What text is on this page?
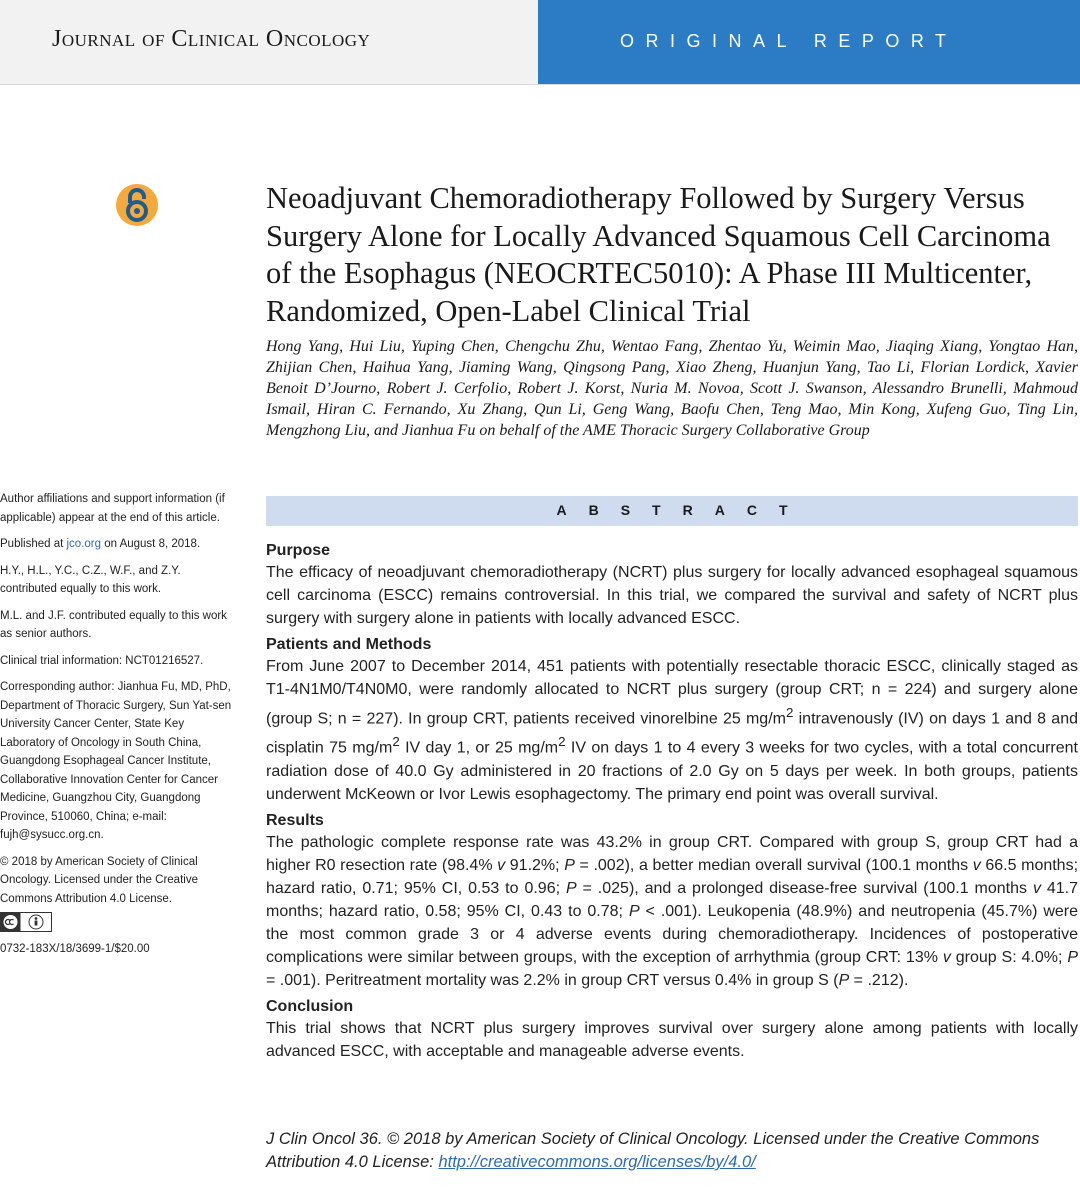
Journal of Clinical Oncology	ORIGINAL REPORT
Neoadjuvant Chemoradiotherapy Followed by Surgery Versus Surgery Alone for Locally Advanced Squamous Cell Carcinoma of the Esophagus (NEOCRTEC5010): A Phase III Multicenter, Randomized, Open-Label Clinical Trial
Hong Yang, Hui Liu, Yuping Chen, Chengchu Zhu, Wentao Fang, Zhentao Yu, Weimin Mao, Jiaqing Xiang, Yongtao Han, Zhijian Chen, Haihua Yang, Jiaming Wang, Qingsong Pang, Xiao Zheng, Huanjun Yang, Tao Li, Florian Lordick, Xavier Benoit D’Journo, Robert J. Cerfolio, Robert J. Korst, Nuria M. Novoa, Scott J. Swanson, Alessandro Brunelli, Mahmoud Ismail, Hiran C. Fernando, Xu Zhang, Qun Li, Geng Wang, Baofu Chen, Teng Mao, Min Kong, Xufeng Guo, Ting Lin, Mengzhong Liu, and Jianhua Fu on behalf of the AME Thoracic Surgery Collaborative Group

Author affiliations and support information (if applicable) appear at the end of this article.

Published at jco.org on August 8, 2018.

H.Y., H.L., Y.C., C.Z., W.F., and Z.Y. contributed equally to this work.

M.L. and J.F. contributed equally to this work as senior authors.

Clinical trial information: NCT01216527.

Corresponding author: Jianhua Fu, MD, PhD, Department of Thoracic Surgery, Sun Yat-sen University Cancer Center, State Key Laboratory of Oncology in South China, Guangdong Esophageal Cancer Institute, Collaborative Innovation Center for Cancer Medicine, Guangzhou City, Guangdong Province, 510060, China; e-mail: fujh@sysucc.org.cn.

© 2018 by American Society of Clinical Oncology. Licensed under the Creative Commons Attribution 4.0 License.

0732-183X/18/3699-1/$20.00

ABSTRACT
Purpose

The efficacy of neoadjuvant chemoradiotherapy (NCRT) plus surgery for locally advanced esophageal squamous cell carcinoma (ESCC) remains controversial. In this trial, we compared the survival and safety of NCRT plus surgery with surgery alone in patients with locally advanced ESCC.

Patients and Methods

From June 2007 to December 2014, 451 patients with potentially resectable thoracic ESCC, clinically staged as T1-4N1M0/T4N0M0, were randomly allocated to NCRT plus surgery (group CRT; n = 224) and surgery alone (group S; n = 227). In group CRT, patients received vinorelbine 25 $mg/m^2$ intravenously (IV) on days 1 and 8 and cisplatin 75 $mg/m^2$ IV day 1, or 25 $mg/m^2$ IV on days 1 to 4 every 3 weeks for two cycles, with a total concurrent radiation dose of 40.0 Gy administered in 20 fractions of 2.0 Gy on 5 days per week. In both groups, patients underwent McKeown or Ivor Lewis esophagectomy. The primary end point was overall survival.

Results

The pathologic complete response rate was 43.2% in group CRT. Compared with group S, group CRT had a higher R0 resection rate (98.4% v 91.2%; P = .002), a better median overall survival (100.1 months v 66.5 months; hazard ratio, 0.71; 95% CI, 0.53 to 0.96; P = .025), and a prolonged disease-free survival (100.1 months v 41.7 months; hazard ratio, 0.58; 95% CI, 0.43 to 0.78; P < .001). Leukopenia (48.9%) and neutropenia (45.7%) were the most common grade 3 or 4 adverse events during chemoradiotherapy. Incidences of postoperative complications were similar between groups, with the exception of arrhythmia (group CRT: 13% v group S: 4.0%; P = .001). Peritreatment mortality was 2.2% in group CRT versus 0.4% in group S (P = .212).

Conclusion

This trial shows that NCRT plus surgery improves survival over surgery alone among patients with locally advanced ESCC, with acceptable and manageable adverse events.

J Clin Oncol 36. © 2018 by American Society of Clinical Oncology. Licensed under the Creative Commons Attribution 4.0 License: http://creativecommons.org/licenses/by/4.0/
